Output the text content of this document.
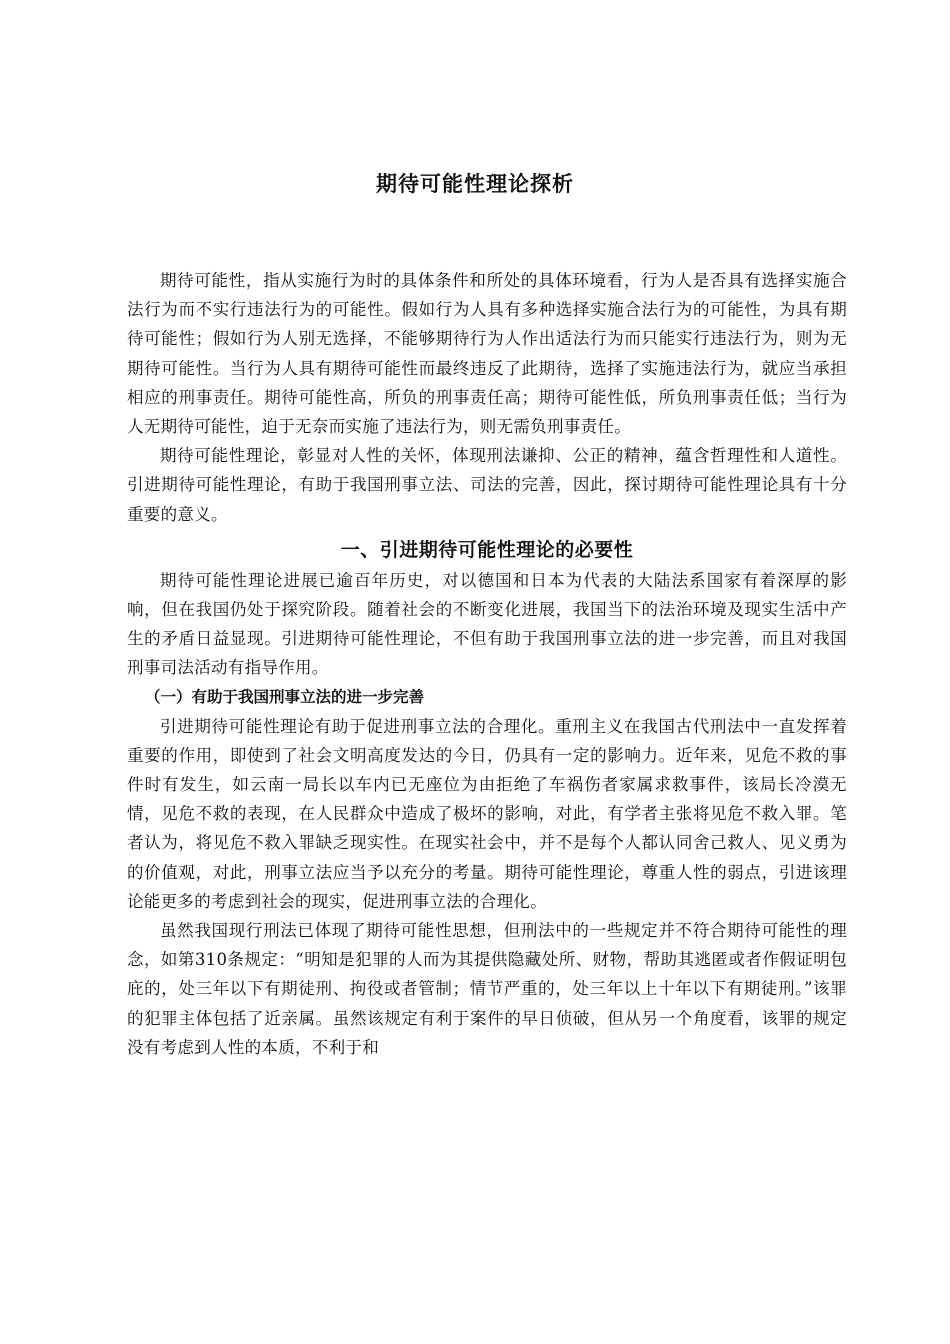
期待可能性理论探析

期待可能性，指从实施行为时的具体条件和所处的具体环境看，行为人是否具有选择实施合法行为而不实行违法行为的可能性。假如行为人具有多种选择实施合法行为的可能性，为具有期待可能性；假如行为人别无选择，不能够期待行为人作出适法行为而只能实行违法行为，则为无期待可能性。当行为人具有期待可能性而最终违反了此期待，选择了实施违法行为，就应当承担相应的刑事责任。期待可能性高，所负的刑事责任高；期待可能性低，所负刑事责任低；当行为人无期待可能性，迫于无奈而实施了违法行为，则无需负刑事责任。

期待可能性理论，彰显对人性的关怀，体现刑法谦抑、公正的精神，蕴含哲理性和人道性。引进期待可能性理论，有助于我国刑事立法、司法的完善，因此，探讨期待可能性理论具有十分重要的意义。

一、引进期待可能性理论的必要性

期待可能性理论进展已逾百年历史，对以德国和日本为代表的大陆法系国家有着深厚的影响，但在我国仍处于探究阶段。随着社会的不断变化进展，我国当下的法治环境及现实生活中产生的矛盾日益显现。引进期待可能性理论，不但有助于我国刑事立法的进一步完善，而且对我国刑事司法活动有指导作用。

（一）有助于我国刑事立法的进一步完善

引进期待可能性理论有助于促进刑事立法的合理化。重刑主义在我国古代刑法中一直发挥着重要的作用，即使到了社会文明高度发达的今日，仍具有一定的影响力。近年来，见危不救的事件时有发生，如云南一局长以车内已无座位为由拒绝了车祸伤者家属求救事件，该局长冷漠无情，见危不救的表现，在人民群众中造成了极坏的影响，对此，有学者主张将见危不救入罪。笔者认为，将见危不救入罪缺乏现实性。在现实社会中，并不是每个人都认同舍己救人、见义勇为的价值观，对此，刑事立法应当予以充分的考量。期待可能性理论，尊重人性的弱点，引进该理论能更多的考虑到社会的现实，促进刑事立法的合理化。

虽然我国现行刑法已体现了期待可能性思想，但刑法中的一些规定并不符合期待可能性的理念，如第310条规定：“明知是犯罪的人而为其提供隐藏处所、财物，帮助其逃匿或者作假证明包庇的，处三年以下有期徒刑、拘役或者管制；情节严重的，处三年以上十年以下有期徒刑。”该罪的犯罪主体包括了近亲属。虽然该规定有利于案件的早日侦破，但从另一个角度看，该罪的规定没有考虑到人性的本质，不利于和
